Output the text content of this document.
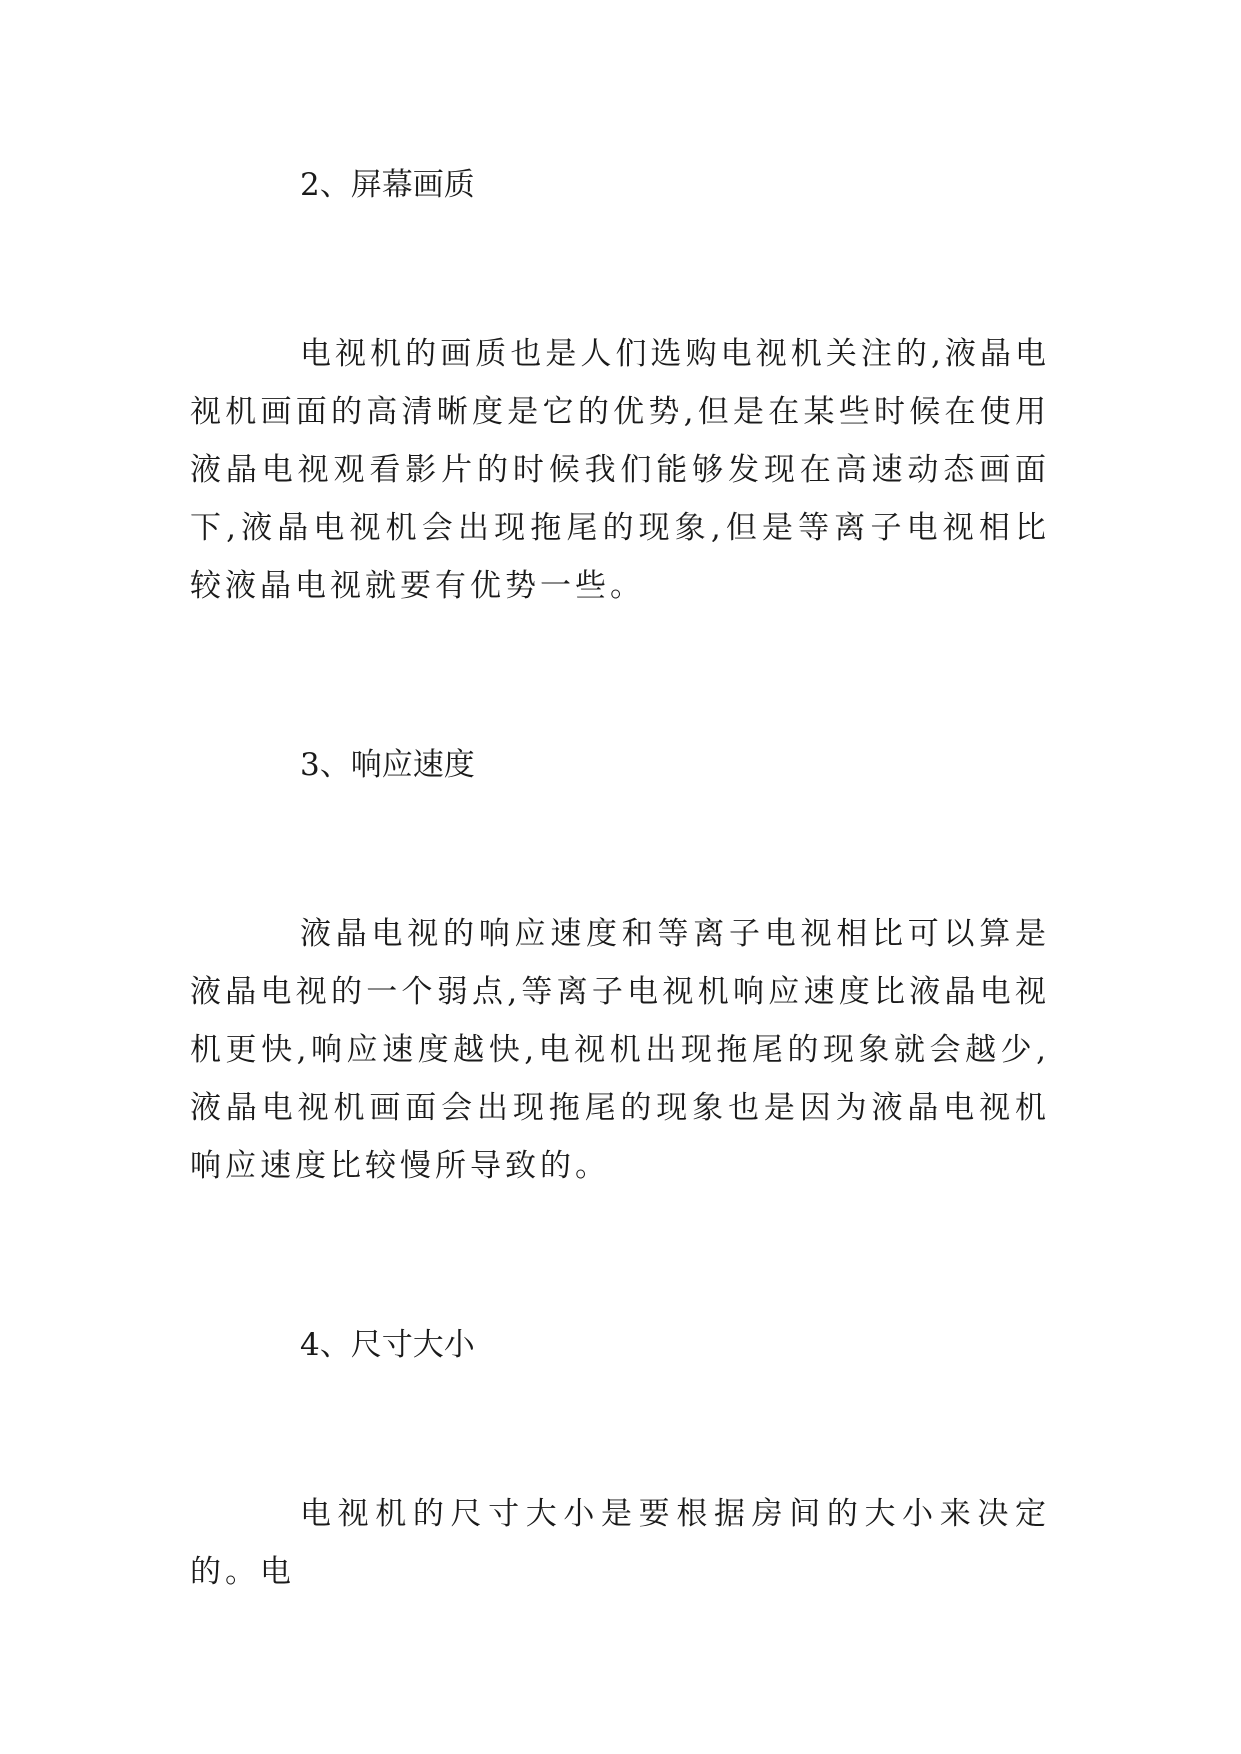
2、屏幕画质
电视机的画质也是人们选购电视机关注的,液晶电视机画面的高清晰度是它的优势,但是在某些时候在使用液晶电视观看影片的时候我们能够发现在高速动态画面下,液晶电视机会出现拖尾的现象,但是等离子电视相比较液晶电视就要有优势一些。
3、响应速度
液晶电视的响应速度和等离子电视相比可以算是液晶电视的一个弱点,等离子电视机响应速度比液晶电视机更快,响应速度越快,电视机出现拖尾的现象就会越少,液晶电视机画面会出现拖尾的现象也是因为液晶电视机响应速度比较慢所导致的。
4、尺寸大小
电视机的尺寸大小是要根据房间的大小来决定的。电
